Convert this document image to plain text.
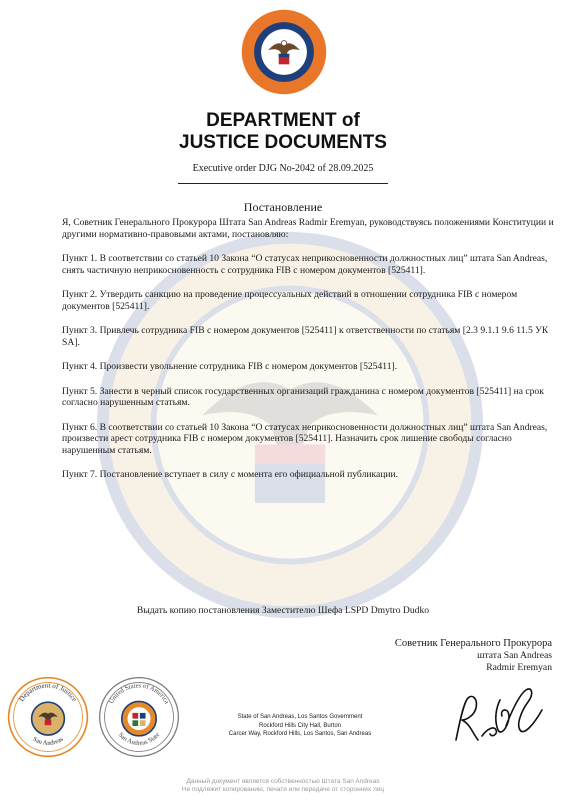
DEPARTMENT of
JUSTICE DOCUMENTS
Executive order DJG No-2042 of 28.09.2025
Постановление

Я, Советник Генерального Прокурора Штата San Andreas Radmir Eremyan, руководствуясь положениями Конституции и другими нормативно-правовыми актами, постановляю:

Пункт 1. В соответствии со статьей 10 Закона “О статусах неприкосновенности должностных лиц” штата San Andreas, снять частичную неприкосновенность с сотрудника FIB с номером документов [525411].

Пункт 2. Утвердить санкцию на проведение процессуальных действий в отношении сотрудника FIB с номером документов [525411].

Пункт 3. Привлечь сотрудника FIB с номером документов [525411] к ответственности по статьям [2.3 9.1.1 9.6 11.5 УК SA].

Пункт 4. Произвести увольнение сотрудника FIB с номером документов [525411].

Пункт 5. Занести в черный список государственных организаций гражданина с номером документов [525411] на срок согласно нарушенным статьям.

Пункт 6. В соответствии со статьей 10 Закона “О статусах неприкосновенности должностных лиц” штата San Andreas, произвести арест сотрудника FIB с номером документов [525411]. Назначить срок лишение свободы согласно нарушенным статьям.

Пункт 7. Постановление вступает в силу с момента его официальной публикации.

Выдать копию постановления Заместителю Шефа LSPD Dmytro Dudko
Советник Генерального Прокурора
штата San Andreas
Radmir Eremyan
Department of Justice
San Andreas
United States of America
San Andreas State
State of San Andreas, Los Santos Government
Rockford Hills City Hall, Burton
Carcer Way, Rockford Hills, Los Santos, San Andreas
Данный документ является собственностью Штата San Andreas
Не подлежит копированию, печати или передаче от сторонних лиц
